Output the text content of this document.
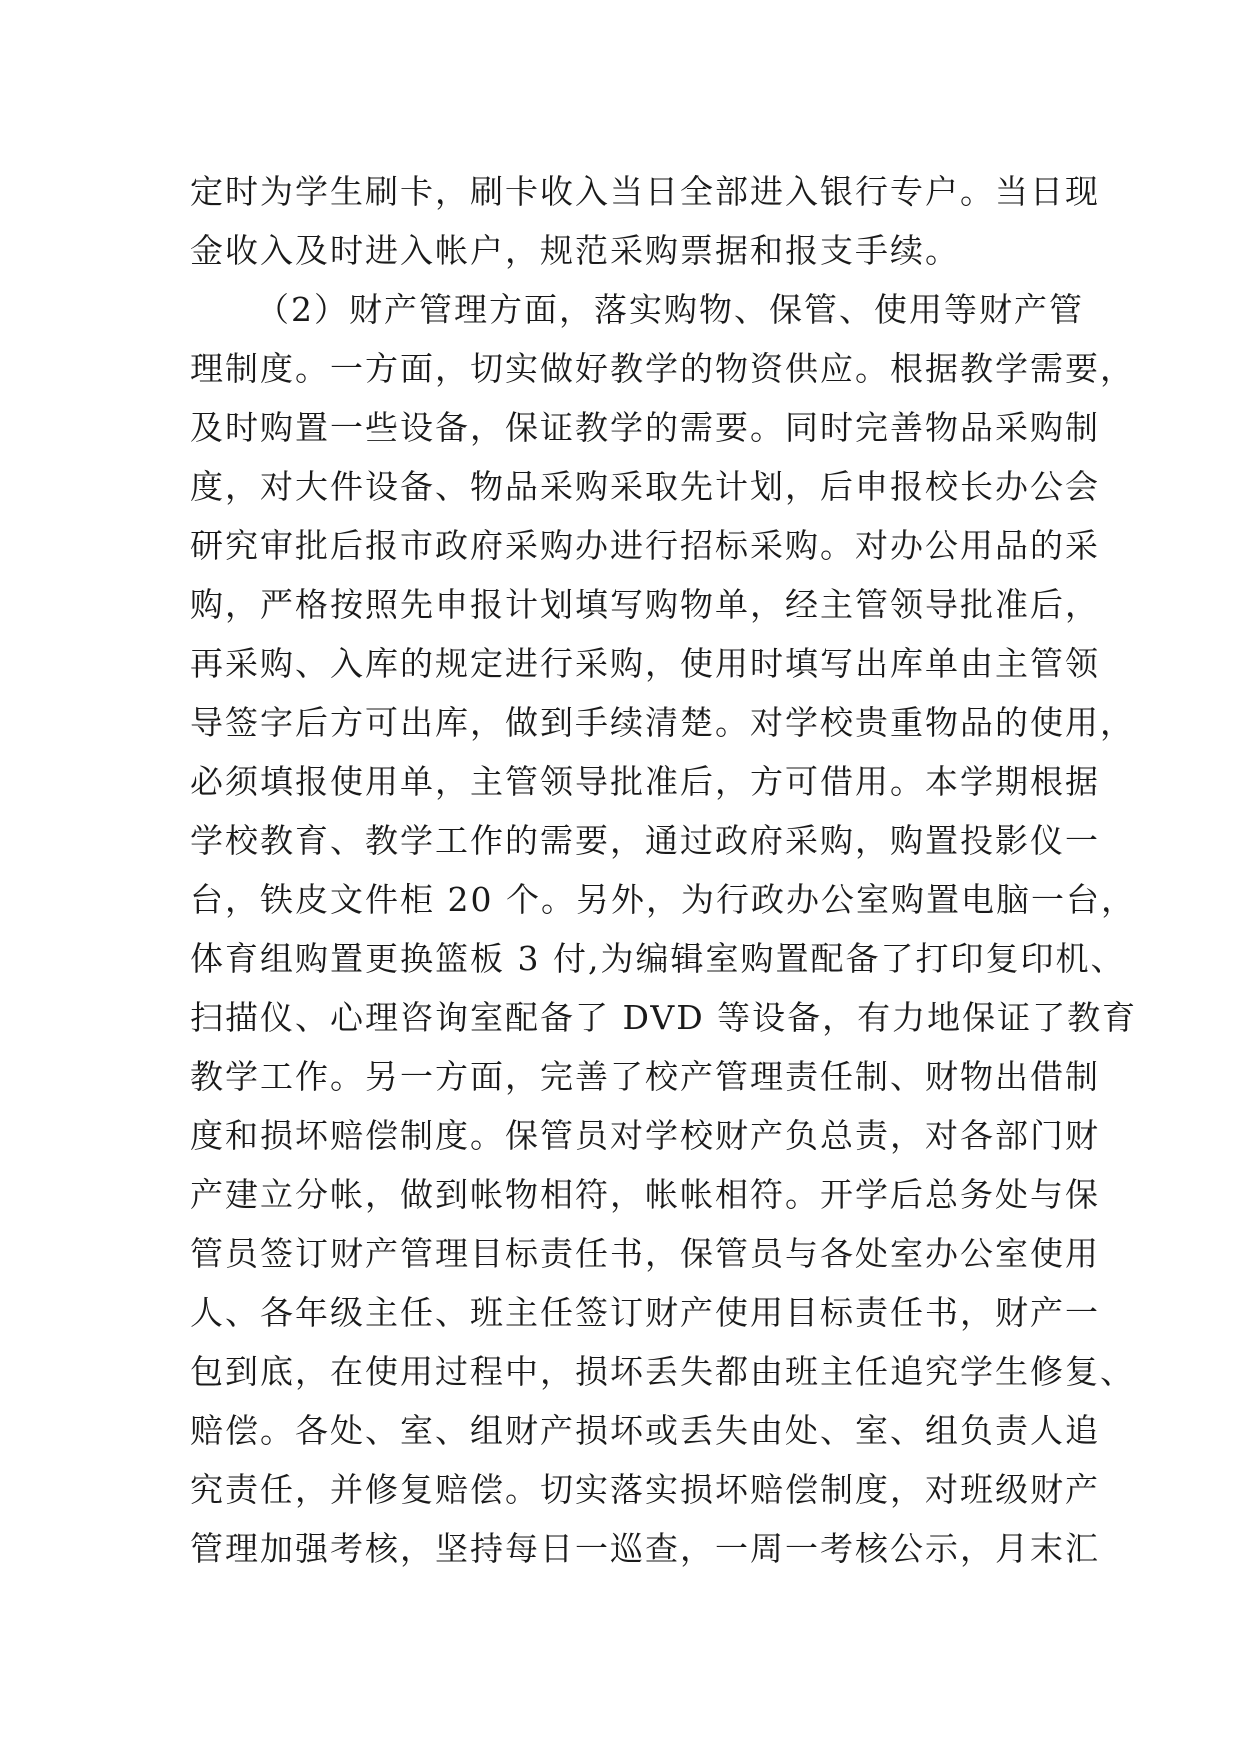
定时为学生刷卡，刷卡收入当日全部进入银行专户。当日现
金收入及时进入帐户，规范采购票据和报支手续。
（2）财产管理方面，落实购物、保管、使用等财产管
理制度。一方面，切实做好教学的物资供应。根据教学需要，
及时购置一些设备，保证教学的需要。同时完善物品采购制
度，对大件设备、物品采购采取先计划，后申报校长办公会
研究审批后报市政府采购办进行招标采购。对办公用品的采
购，严格按照先申报计划填写购物单，经主管领导批准后，
再采购、入库的规定进行采购，使用时填写出库单由主管领
导签字后方可出库，做到手续清楚。对学校贵重物品的使用，
必须填报使用单，主管领导批准后，方可借用。本学期根据
学校教育、教学工作的需要，通过政府采购，购置投影仪一
台，铁皮文件柜 20 个。另外，为行政办公室购置电脑一台，
体育组购置更换篮板 3 付,为编辑室购置配备了打印复印机、
扫描仪、心理咨询室配备了 DVD 等设备，有力地保证了教育
教学工作。另一方面，完善了校产管理责任制、财物出借制
度和损坏赔偿制度。保管员对学校财产负总责，对各部门财
产建立分帐，做到帐物相符，帐帐相符。开学后总务处与保
管员签订财产管理目标责任书，保管员与各处室办公室使用
人、各年级主任、班主任签订财产使用目标责任书，财产一
包到底，在使用过程中，损坏丢失都由班主任追究学生修复、
赔偿。各处、室、组财产损坏或丢失由处、室、组负责人追
究责任，并修复赔偿。切实落实损坏赔偿制度，对班级财产
管理加强考核，坚持每日一巡查，一周一考核公示，月末汇
